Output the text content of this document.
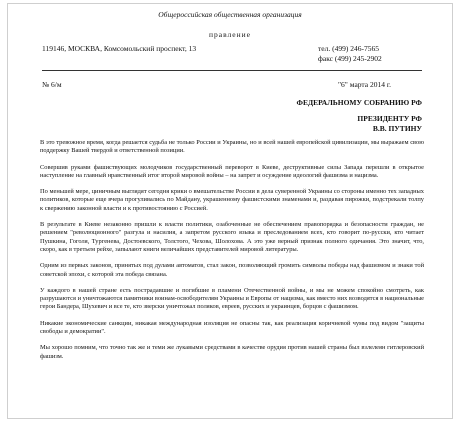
Общероссийская общественная организация
правление
119146, МОСКВА, Комсомольский проспект, 13	тел. (499) 246-7565
факс (499) 245-2902
№ 6/м	"6" марта 2014 г.
ФЕДЕРАЛЬНОМУ СОБРАНИЮ РФ
ПРЕЗИДЕНТУ РФ
В.В. ПУТИНУ

В это тревожное время, когда решается судьба не только России и Украины, но и всей нашей европейской цивилизации, мы выражаем свою поддержку Вашей твердой и ответственной позиции.

Совершив руками фашиствующих молодчиков государственный переворот в Киеве, деструктивные силы Запада перешли в открытое наступление на главный нравственный итог второй мировой войны – на запрет и осуждение идеологий фашизма и нацизма.

По меньшей мере, циничным выглядят сегодня крики о вмешательстве России в дела суверенной Украины со стороны именно тех западных политиков, которые еще вчера прогуливались по Майдану, украшенному фашистскими знаменами и, раздавая пирожки, подстрекали толпу к свержению законной власти и к противостоянию с Россией.

В результате в Киеве незаконно пришли к власти политики, озабоченные не обеспечением правопорядка и безопасности граждан, не решением "революционного" разгула и насилия, а запретом русского языка и преследованием всех, кто говорит по-русски, кто читает Пушкина, Гоголя, Тургенева, Достоевского, Толстого, Чехова, Шолохова. А это уже верный признак полного одичания. Это значит, что, скоро, как в третьем рейхе, запылают книги величайших представителей мировой литературы.

Одним из первых законов, принятых под дулами автоматов, стал закон, позволяющий громить символы победы над фашизмом и знаки той советской эпохи, с которой эта победа связана.

У каждого в нашей стране есть пострадавшие и погибшие в пламени Отечественной войны, и мы не можем спокойно смотреть, как разрушаются и уничтожаются памятники воинам-освободителям Украины и Европы от нацизма, как вместо них возводятся в национальные герои Бандера, Шухевич и все те, кто зверски уничтожал поляков, евреев, русских и украинцев, борцов с фашизмом.

Никакие экономические санкции, никакая международная изоляция не опасны так, как реализация коричневой чумы под видом "защиты свободы и демократии".

Мы хорошо помним, что точно так же и теми же лукавыми средствами в качестве орудия против нашей страны был взлелеян гитлеровский фашизм.
